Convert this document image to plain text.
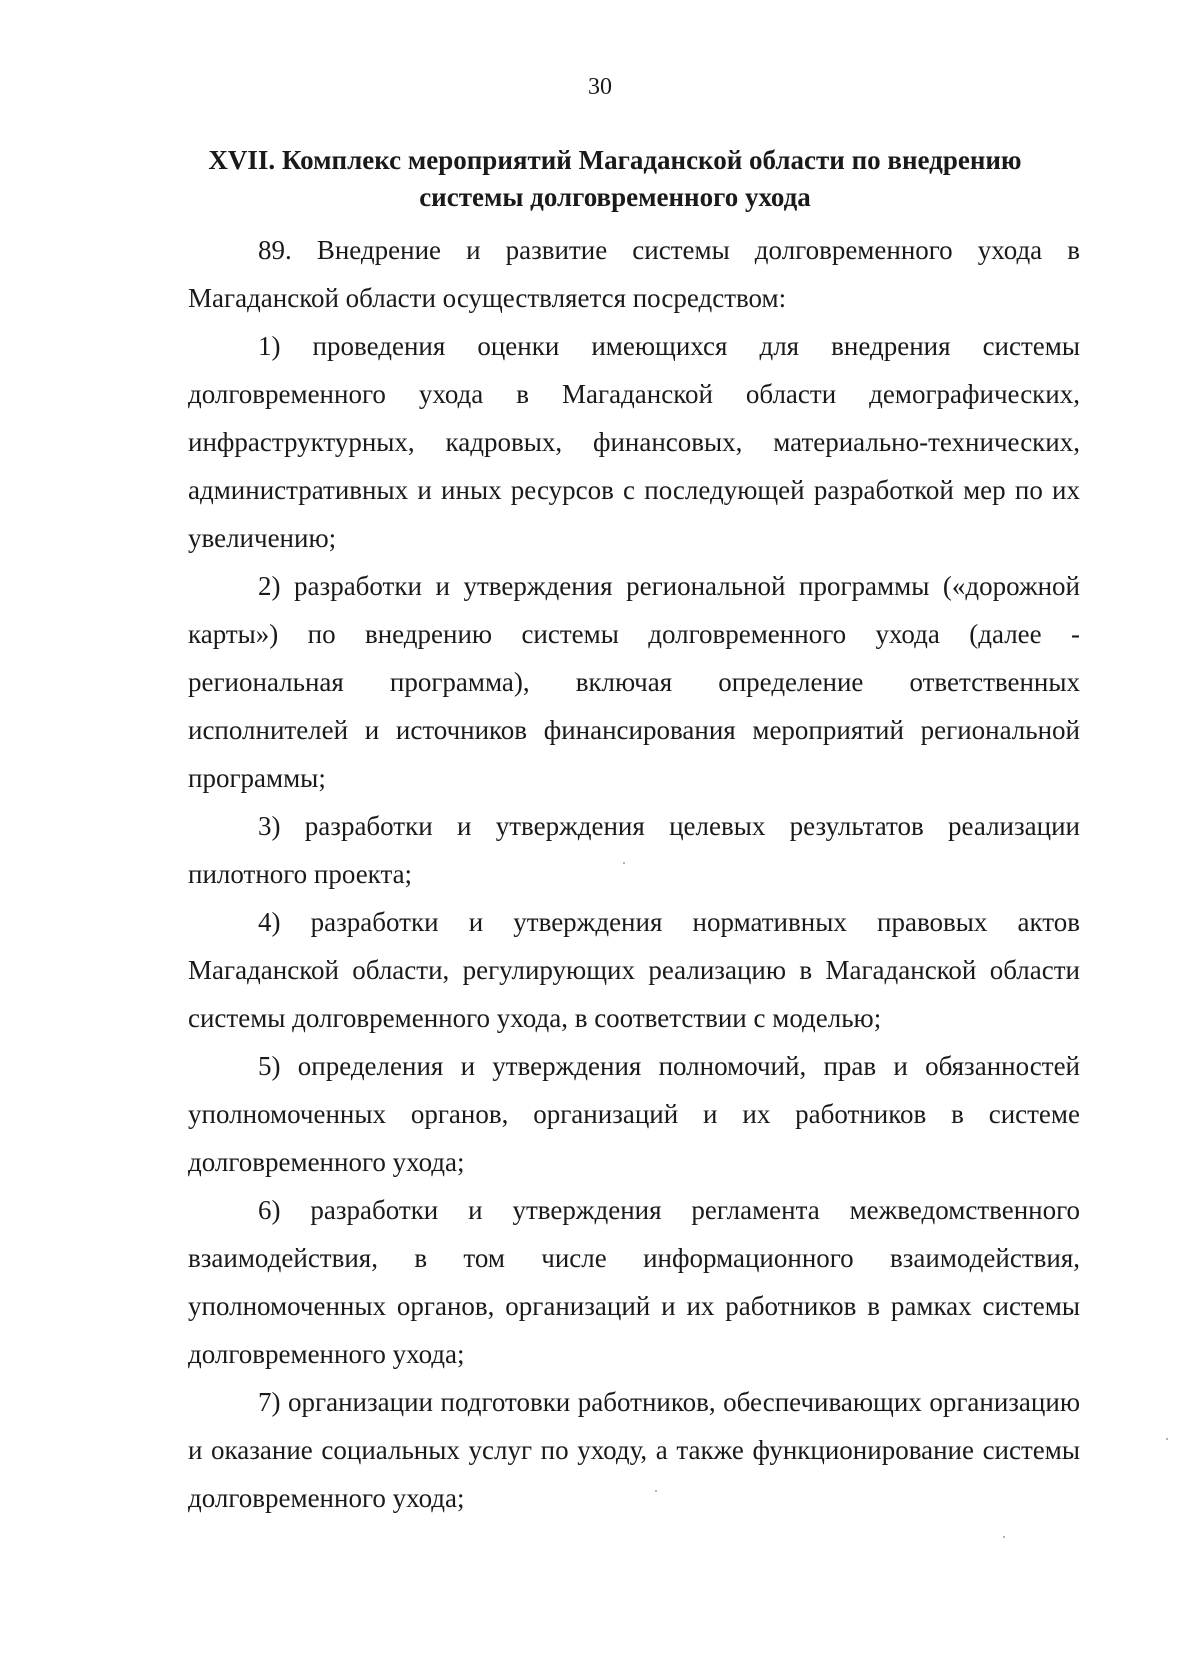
30
XVII. Комплекс мероприятий Магаданской области по внедрению
системы долговременного ухода

89. Внедрение и развитие системы долговременного ухода в Магаданской области осуществляется посредством:

1) проведения оценки имеющихся для внедрения системы долговременного ухода в Магаданской области демографических, инфраструктурных, кадровых, финансовых, материально-технических, административных и иных ресурсов с последующей разработкой мер по их увеличению;

2) разработки и утверждения региональной программы («дорожной карты») по внедрению системы долговременного ухода (далее - региональная программа), включая определение ответственных исполнителей и источников финансирования мероприятий региональной программы;

3) разработки и утверждения целевых результатов реализации пилотного проекта;

4) разработки и утверждения нормативных правовых актов Магаданской области, регулирующих реализацию в Магаданской области системы долговременного ухода, в соответствии с моделью;

5) определения и утверждения полномочий, прав и обязанностей уполномоченных органов, организаций и их работников в системе долговременного ухода;

6) разработки и утверждения регламента межведомственного взаимодействия, в том числе информационного взаимодействия, уполномоченных органов, организаций и их работников в рамках системы долговременного ухода;

7) организации подготовки работников, обеспечивающих организацию и оказание социальных услуг по уходу, а также функционирование системы долговременного ухода;
